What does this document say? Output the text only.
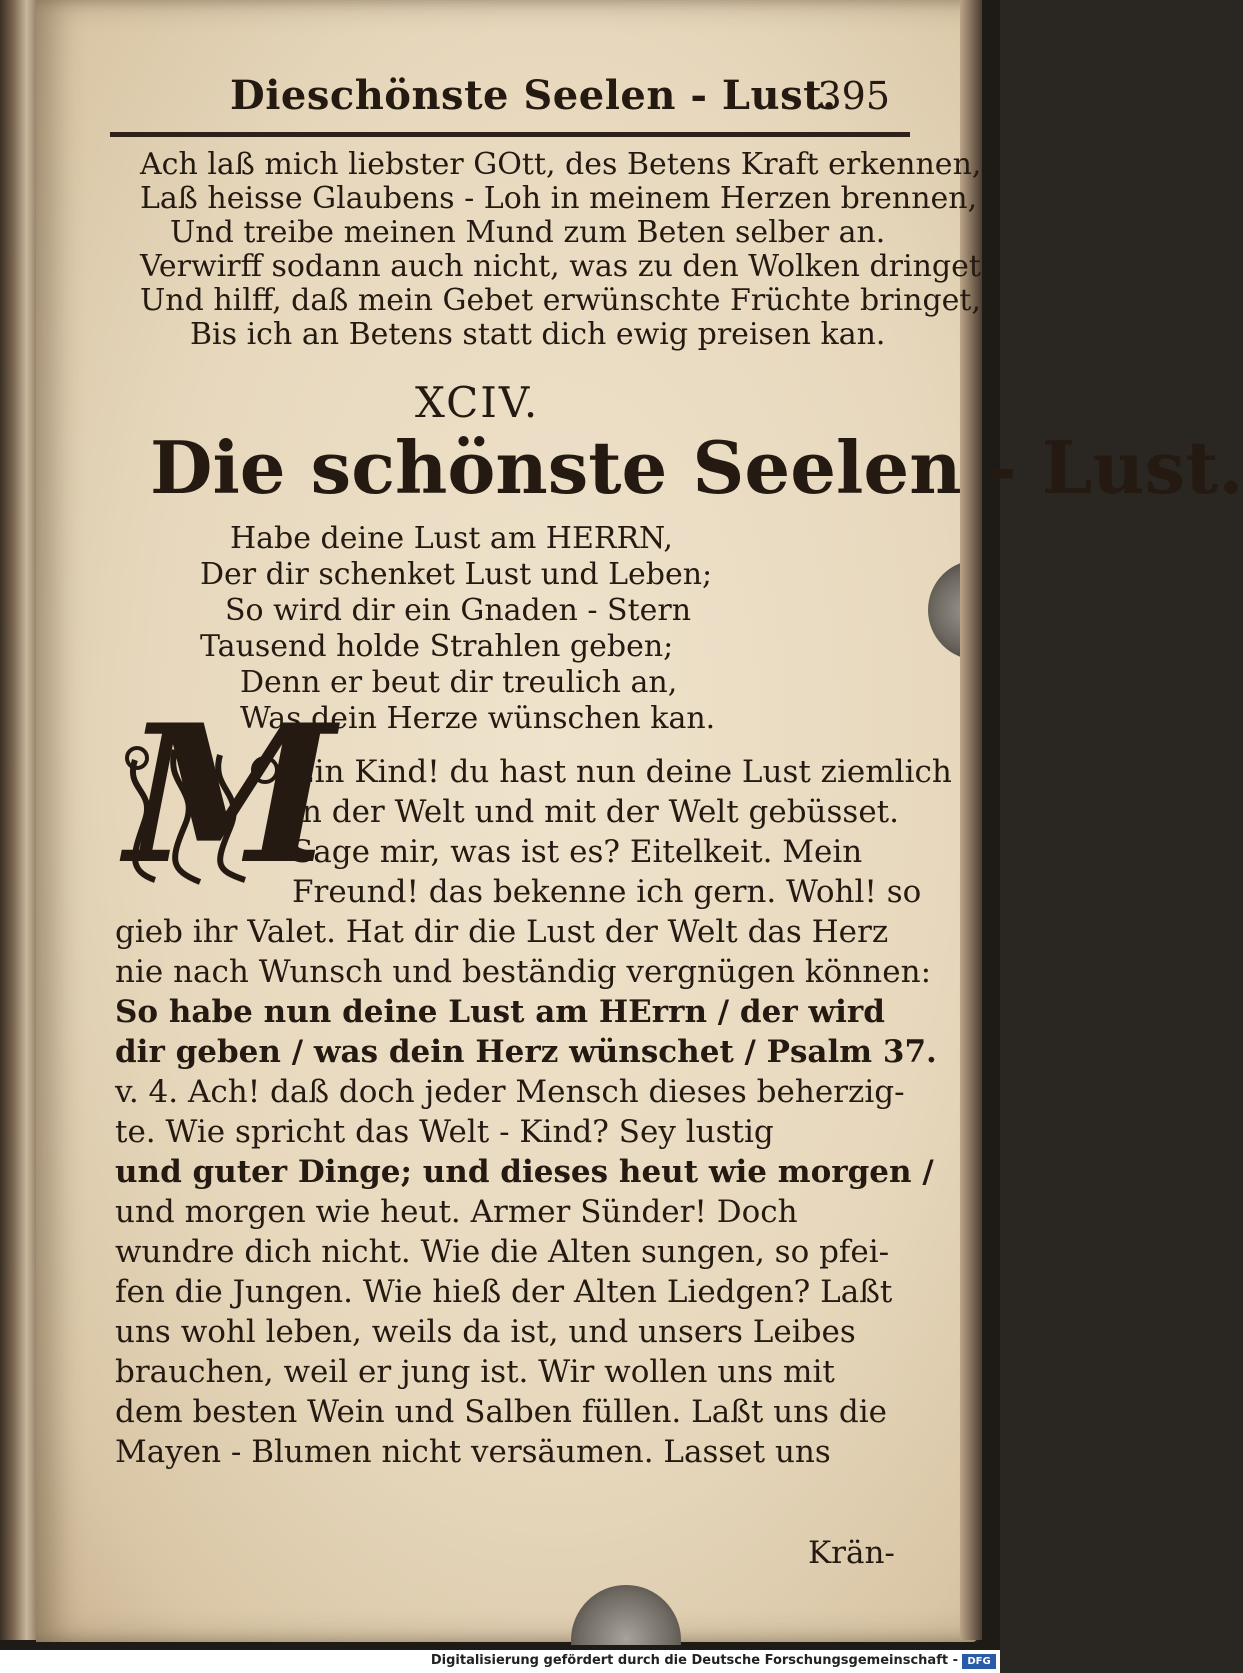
Dieschönste Seelen - Lust.
395
Ach laß mich liebster GOtt, des Betens Kraft erkennen,
Laß heisse Glaubens - Loh in meinem Herzen brennen,
Und treibe meinen Mund zum Beten selber an.
Verwirff sodann auch nicht, was zu den Wolken dringet,
Und hilff, daß mein Gebet erwünschte Früchte bringet,
Bis ich an Betens statt dich ewig preisen kan.
XCIV.
Die schönste Seelen - Lust.
Habe deine Lust am HERRN,
Der dir schenket Lust und Leben;
So wird dir ein Gnaden - Stern
Tausend holde Strahlen geben;
Denn er beut dir treulich an,
Was dein Herze wünschen kan.
M
Ein Kind! du hast nun deine Lust ziemlich
in der Welt und mit der Welt gebüsset.
Sage mir, was ist es? Eitelkeit. Mein
Freund! das bekenne ich gern. Wohl! so
gieb ihr Valet. Hat dir die Lust der Welt das Herz
nie nach Wunsch und beständig vergnügen können:
So habe nun deine Lust am HErrn / der wird
dir geben / was dein Herz wünschet / Psalm 37.
v. 4. Ach! daß doch jeder Mensch dieses beherzig-
te. Wie spricht das Welt - Kind? Sey lustig
und guter Dinge; und dieses heut wie morgen /
und morgen wie heut. Armer Sünder! Doch
wundre dich nicht. Wie die Alten sungen, so pfei-
fen die Jungen. Wie hieß der Alten Liedgen? Laßt
uns wohl leben, weils da ist, und unsers Leibes
brauchen, weil er jung ist. Wir wollen uns mit
dem besten Wein und Salben füllen. Laßt uns die
Mayen - Blumen nicht versäumen. Lasset uns
Krän-
Digitalisierung gefördert durch die Deutsche Forschungsgemeinschaft - DFG
